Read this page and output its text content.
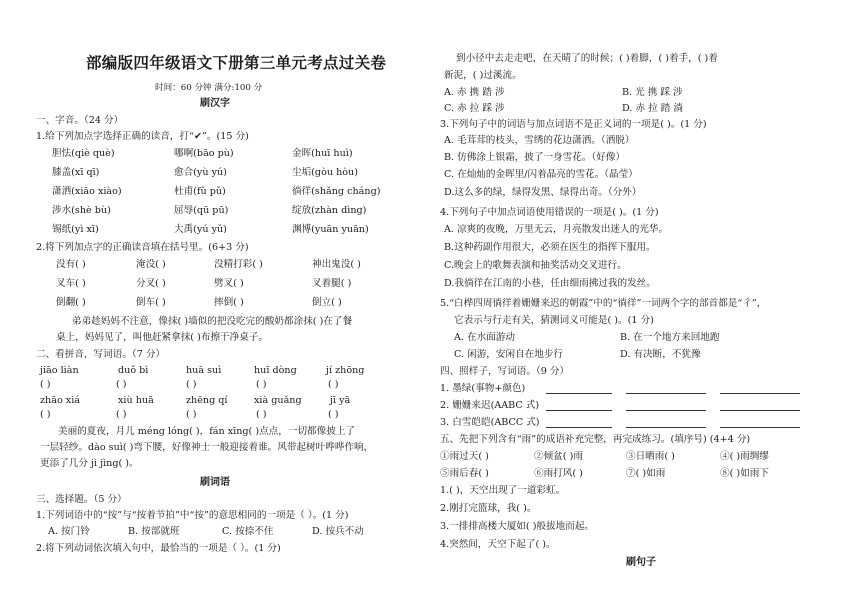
部编版四年级语文下册第三单元考点过关卷
时间：60 分钟 满分:100 分
刷汉字
一、字音。（24 分）
1.给下列加点字选择正确的读音，打“✔”。(15 分)
胆怯(qiè què)	哪啊(bāo pù)	金晖(huī huì)
膝盖(xī qī)	愈合(yù yú)	尘垢(gòu hòu)
潇洒(xiāo xiào)	杜甫(fǔ pǔ)	徜徉(shǎng cháng)
涉水(shè bù)	屈辱(qū pū)	绽放(zhàn dìng)
锡纸(yì xī)	大禹(yú yǔ)	渊博(yuān yuān)
2.将下列加点字的正确读音填在括号里。(6+3 分)
没有( )	淹没( )	没精打彩( )	神出鬼没( )
叉车( )	分叉( )	劈叉( )	叉着腿( )
倒翻( )	倒车( )	摔倒( )	倒立( )
弟弟趁妈妈不注意，像抹( )墙似的把没吃完的酸奶都涂抹( )在了餐
桌上，妈妈见了，叫他赶紧拿抹( )布擦干净桌子。
二、看拼音，写词语。（7 分）
jiāo liàn	duǒ bì	huā suì	huī dòng	jí zhōng
( )	( )	( )	( )	( )
zhāo xiá	xiù huā	zhēng qí	xià guǎng	jī yā
( )	( )	( )	( )	( )
美丽的夏夜，月儿 méng lóng( )，fán xīng( )点点，一切都像披上了
一层轻纱。dào suì( )弯下腰，好像神士一般迎接着谁。风带起树叶哗哗作响，
更添了几分 jì jìng( )。
刷词语
三、选择题。（5 分）
1.下列词语中的“按”与“按着节拍”中“按”的意思相同的一项是（ ）。(1 分)
A. 按门铃	B. 按部就班	C. 按捺不住	D. 按兵不动
2.将下列动词依次填入句中，最恰当的一项是（ ）。(1 分)
到小径中去走走吧，在天晴了的时候；( )着脚，( )着手，( )着
新泥，( )过溪流。
A. 赤 携 踏 涉	B. 光 携 踩 涉
C. 赤 拉 踩 涉	D. 赤 拉 踏 淌
3.下列句子中的词语与加点词语不是正义词的一项是( )。(1 分)
A. 毛茸茸的枝头，雪绣的花边潇洒。（洒脱）
B. 仿佛涂上银霜，披了一身雪花。（好像）
C. 在灿灿的金晖里/闪着晶亮的雪花。（晶莹）
D.这么多的绿，绿得发黑、绿得出奇。（分外）
4.下列句子中加点词语使用错误的一项是( )。(1 分)
A. 凉爽的夜晚，万里无云，月亮散发出迷人的光华。
B.这种药副作用很大，必须在医生的指挥下服用。
C.晚会上的歌舞表演和抽奖活动交叉进行。
D.我徜徉在江南的小巷，任由细雨拂过我的发丝。
5.“白桦四周徜徉着姗姗来迟的朝霞”中的“徜徉”一词两个字的部首都是“彳”，
它表示与行走有关，猜测词义可能是( )。(1 分)
A. 在水面游动	B. 在一个地方来回地跑
C. 闲游，安闲自在地步行	D. 有决断，不犹豫
四、照样子，写词语。（9 分）
1. 墨绿(事物+颜色)
2. 姗姗来迟(AABC 式)
3. 白雪皑皑(ABCC 式)
五、先把下列含有“雨”的成语补充完整，再完成练习。(填序号) (4+4 分)
①雨过天( )	②倾盆( )雨	③日晒雨( )	④( )雨绸缪
⑤雨后春( )	⑥雨打风( )	⑦( )如雨	⑧( )如雨下
1.( )，天空出现了一道彩虹。
2.刚打完篮球，我( )。
3.一排排高楼大厦如( )般拔地而起。
4.突然间，天空下起了( )。
刷句子
